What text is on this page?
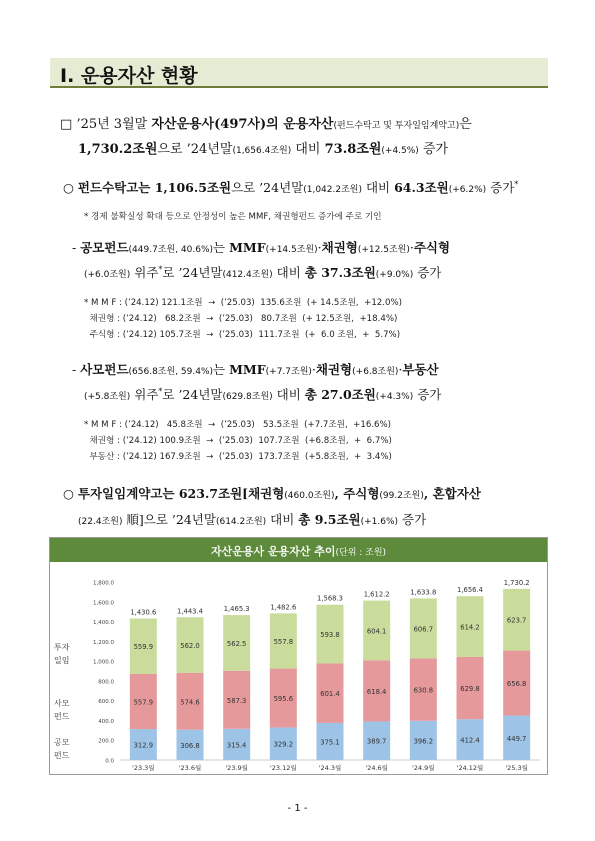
Ⅰ. 운용자산 현황
□ ’25년 3월말 자산운용사(497사)의 운용자산(펀드수탁고 및 투자일임계약고)은
1,730.2조원으로 ’24년말(1,656.4조원) 대비 73.8조원(+4.5%) 증가
○ 펀드수탁고는 1,106.5조원으로 ’24년말(1,042.2조원) 대비 64.3조원(+6.2%) 증가*
* 경제 불확실성 확대 등으로 안정성이 높은 MMF, 채권형펀드 증가에 주로 기인
- 공모펀드(449.7조원, 40.6%)는 MMF(+14.5조원)·채권형(+12.5조원)·주식형
(+6.0조원) 위주*로 ’24년말(412.4조원) 대비 총 37.3조원(+9.0%) 증가
* M M F : (’24.12) 121.1조원  →  (’25.03)  135.6조원  (+ 14.5조원,  +12.0%)
채권형 : (’24.12)   68.2조원  →  (’25.03)   80.7조원  (+ 12.5조원,  +18.4%)
주식형 : (’24.12) 105.7조원  →  (’25.03)  111.7조원  (+  6.0 조원,  +  5.7%)
- 사모펀드(656.8조원, 59.4%)는 MMF(+7.7조원)·채권형(+6.8조원)·부동산
(+5.8조원) 위주*로 ’24년말(629.8조원) 대비 총 27.0조원(+4.3%) 증가
* M M F : (’24.12)   45.8조원  →  (’25.03)   53.5조원  (+7.7조원,  +16.6%)
채권형 : (’24.12) 100.9조원  →  (’25.03)  107.7조원  (+6.8조원,  +  6.7%)
부동산 : (’24.12) 167.9조원  →  (’25.03)  173.7조원  (+5.8조원,  +  3.4%)
○ 투자일임계약고는 623.7조원[채권형(460.0조원), 주식형(99.2조원), 혼합자산
(22.4조원) 順]으로 ’24년말(614.2조원) 대비 총 9.5조원(+1.6%) 증가
자산운용사 운용자산 추이(단위 : 조원)
0.0
200.0
400.0
600.0
800.0
1,000.0
1,200.0
1,400.0
1,600.0
1,800.0
투자
일임
사모
펀드
공모
펀드
312.9
557.9
559.9
1,430.6
'23.3월
306.8
574.6
562.0
1,443.4
'23.6월
315.4
587.3
562.5
1,465.3
'23.9월
329.2
595.6
557.8
1,482.6
'23.12월
375.1
601.4
593.8
1,568.3
'24.3월
389.7
618.4
604.1
1,612.2
'24.6월
396.2
630.8
606.7
1,633.8
'24.9월
412.4
629.8
614.2
1,656.4
'24.12월
449.7
656.8
623.7
1,730.2
'25.3월
- 1 -
